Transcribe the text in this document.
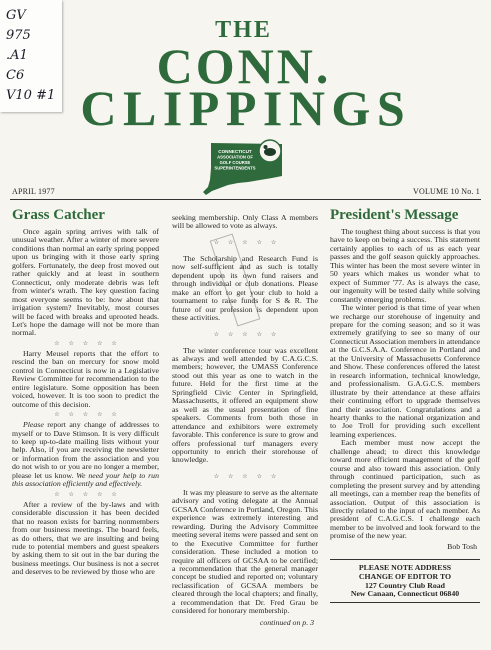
GV
975
.A1
C6
V10 #1
THE
CONN.
CLIPPINGS
CONNECTICUT
ASSOCIATION OF
GOLF COURSE
SUPERINTENDENTS
APRIL 1977	VOLUME 10 No. 1
Grass Catcher

Once again spring arrives with talk of unusual weather. After a winter of more severe conditions than normal an early spring popped upon us bringing with it those early spring golfers. Fortunately, the deep frost moved out rather quickly and at least in southern Connecticut, only moderate debris was left from winter's wrath. The key question facing most everyone seems to be: how about that irrigation system? Inevitably, most courses will be faced with breaks and uprooted heads. Let's hope the damage will not be more than normal.

☆ ☆ ☆ ☆ ☆

Harry Meusel reports that the effort to rescind the ban on mercury for snow mold control in Connecticut is now in a Legislative Review Committee for recommendation to the entire legislature. Some opposition has been voiced, however. It is too soon to predict the outcome of this decision.

☆ ☆ ☆ ☆ ☆

Please report any change of addresses to myself or to Dave Stimson. It is very difficult to keep up-to-date mailing lists without your help. Also, if you are receiving the newsletter or information from the association and you do not wish to or you are no longer a member, please let us know. We need your help to run this association efficiently and effectively.

☆ ☆ ☆ ☆ ☆

After a review of the by-laws and with considerable discussion it has been decided that no reason exists for barring nonmembers from our business meetings. The board feels, as do others, that we are insulting and being rude to potential members and guest speakers by asking them to sit out in the bar during the business meetings. Our business is not a secret and deserves to be reviewed by those who are

seeking membership. Only Class A members will be allowed to vote as always.

☆ ☆ ☆ ☆ ☆

The Scholarship and Research Fund is now self-sufficient and as such is totally dependent upon its own fund raisers and through individual or club donations. Please make an effort to get your club to hold a tournament to raise funds for S & R. The future of our profession is dependent upon these activities.

☆ ☆ ☆ ☆ ☆

The winter conference tour was excellent as always and well attended by C.A.G.C.S. members; however, the UMASS Conference stood out this year as one to watch in the future. Held for the first time at the Springfield Civic Center in Springfield, Massachusetts, it offered an equipment show as well as the usual presentation of fine speakers. Comments from both those in attendance and exhibitors were extremely favorable. This conference is sure to grow and offers professional turf managers every opportunity to enrich their storehouse of knowledge.

☆ ☆ ☆ ☆ ☆

It was my pleasure to serve as the alternate advisory and voting delegate at the Annual GCSAA Conference in Portland, Oregon. This experience was extremely interesting and rewarding. During the Advisory Committee meeting several items were passed and sent on to the Executive Committee for further consideration. These included a motion to require all officers of GCSAA to be certified; a recommendation that the general manager concept be studied and reported on; voluntary reclassification of GCSAA members be cleared through the local chapters; and finally, a recommendation that Dr. Fred Grau be considered for honorary membership.

continued on p. 3

President's Message

The toughest thing about success is that you have to keep on being a success. This statement certainly applies to each of us as each year passes and the golf season quickly approaches. This winter has been the most severe winter in 50 years which makes us wonder what to expect of Summer '77. As is always the case, our ingenuity will be tested daily while solving constantly emerging problems.

The winter period is that time of year when we recharge our storehouse of ingenuity and prepare for the coming season; and so it was extremely gratifying to see so many of our Connecticut Association members in attendance at the G.C.S.A.A. Conference in Portland and at the University of Massachusetts Conference and Show. These conferences offered the latest in research information, technical knowledge, and professionalism. G.A.G.C.S. members illustrate by their attendance at these affairs their continuing effort to upgrade themselves and their association. Congratulations and a hearty thanks to the national organization and to Joe Troll for providing such excellent learning experiences.

Each member must now accept the challenge ahead; to direct this knowledge toward more efficient management of the golf course and also toward this association. Only through continued participation, such as completing the present survey and by attending all meetings, can a member reap the benefits of association. Output of this association is directly related to the input of each member. As president of C.A.G.C.S. I challenge each member to be involved and look forward to the promise of the new year.

Bob Tosh
PLEASE NOTE ADDRESS
CHANGE OF EDITOR TO
127 Country Club Road
New Canaan, Connecticut 06840
